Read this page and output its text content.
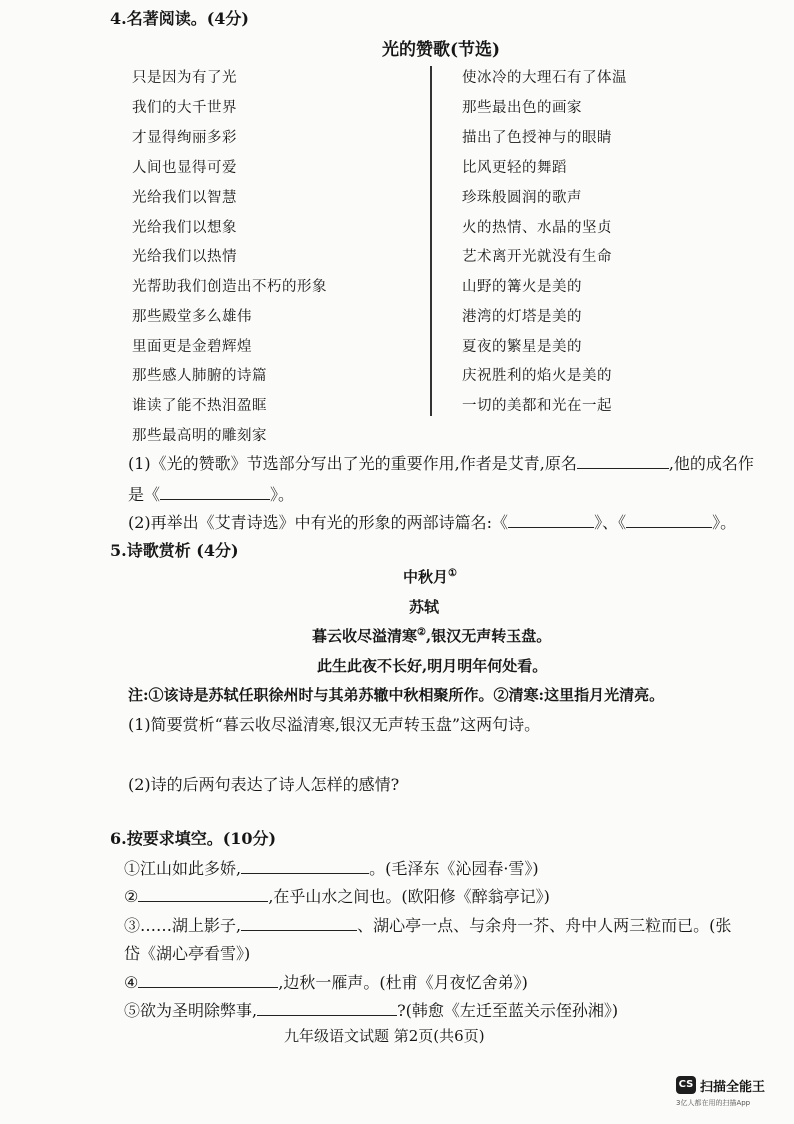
4.名著阅读。(4分)
光的赞歌(节选)
只是因为有了光
我们的大千世界
才显得绚丽多彩
人间也显得可爱
光给我们以智慧
光给我们以想象
光给我们以热情
光帮助我们创造出不朽的形象
那些殿堂多么雄伟
里面更是金碧辉煌
那些感人肺腑的诗篇
谁读了能不热泪盈眶
那些最高明的雕刻家
使冰冷的大理石有了体温
那些最出色的画家
描出了色授神与的眼睛
比风更轻的舞蹈
珍珠般圆润的歌声
火的热情、水晶的坚贞
艺术离开光就没有生命
山野的篝火是美的
港湾的灯塔是美的
夏夜的繁星是美的
庆祝胜利的焰火是美的
一切的美都和光在一起
(1)《光的赞歌》节选部分写出了光的重要作用,作者是艾青,原名	,他的成名作
是《	》。
(2)再举出《艾青诗选》中有光的形象的两部诗篇名:《	》、《	》。
5.诗歌赏析 (4分)
中秋月①
苏轼
暮云收尽溢清寒②,银汉无声转玉盘。
此生此夜不长好,明月明年何处看。
注:①该诗是苏轼任职徐州时与其弟苏辙中秋相聚所作。②清寒:这里指月光清亮。
(1)简要赏析“暮云收尽溢清寒,银汉无声转玉盘”这两句诗。
(2)诗的后两句表达了诗人怎样的感情?
6.按要求填空。(10分)
①江山如此多娇,	。(毛泽东《沁园春·雪》)
②	,在乎山水之间也。(欧阳修《醉翁亭记》)
③……湖上影子,	、湖心亭一点、与余舟一芥、舟中人两三粒而已。(张
岱《湖心亭看雪》)
④	,边秋一雁声。(杜甫《月夜忆舍弟》)
⑤欲为圣明除弊事,	?(韩愈《左迁至蓝关示侄孙湘》)
九年级语文试题 第2页(共6页)
CS 扫描全能王
3亿人都在用的扫描App
